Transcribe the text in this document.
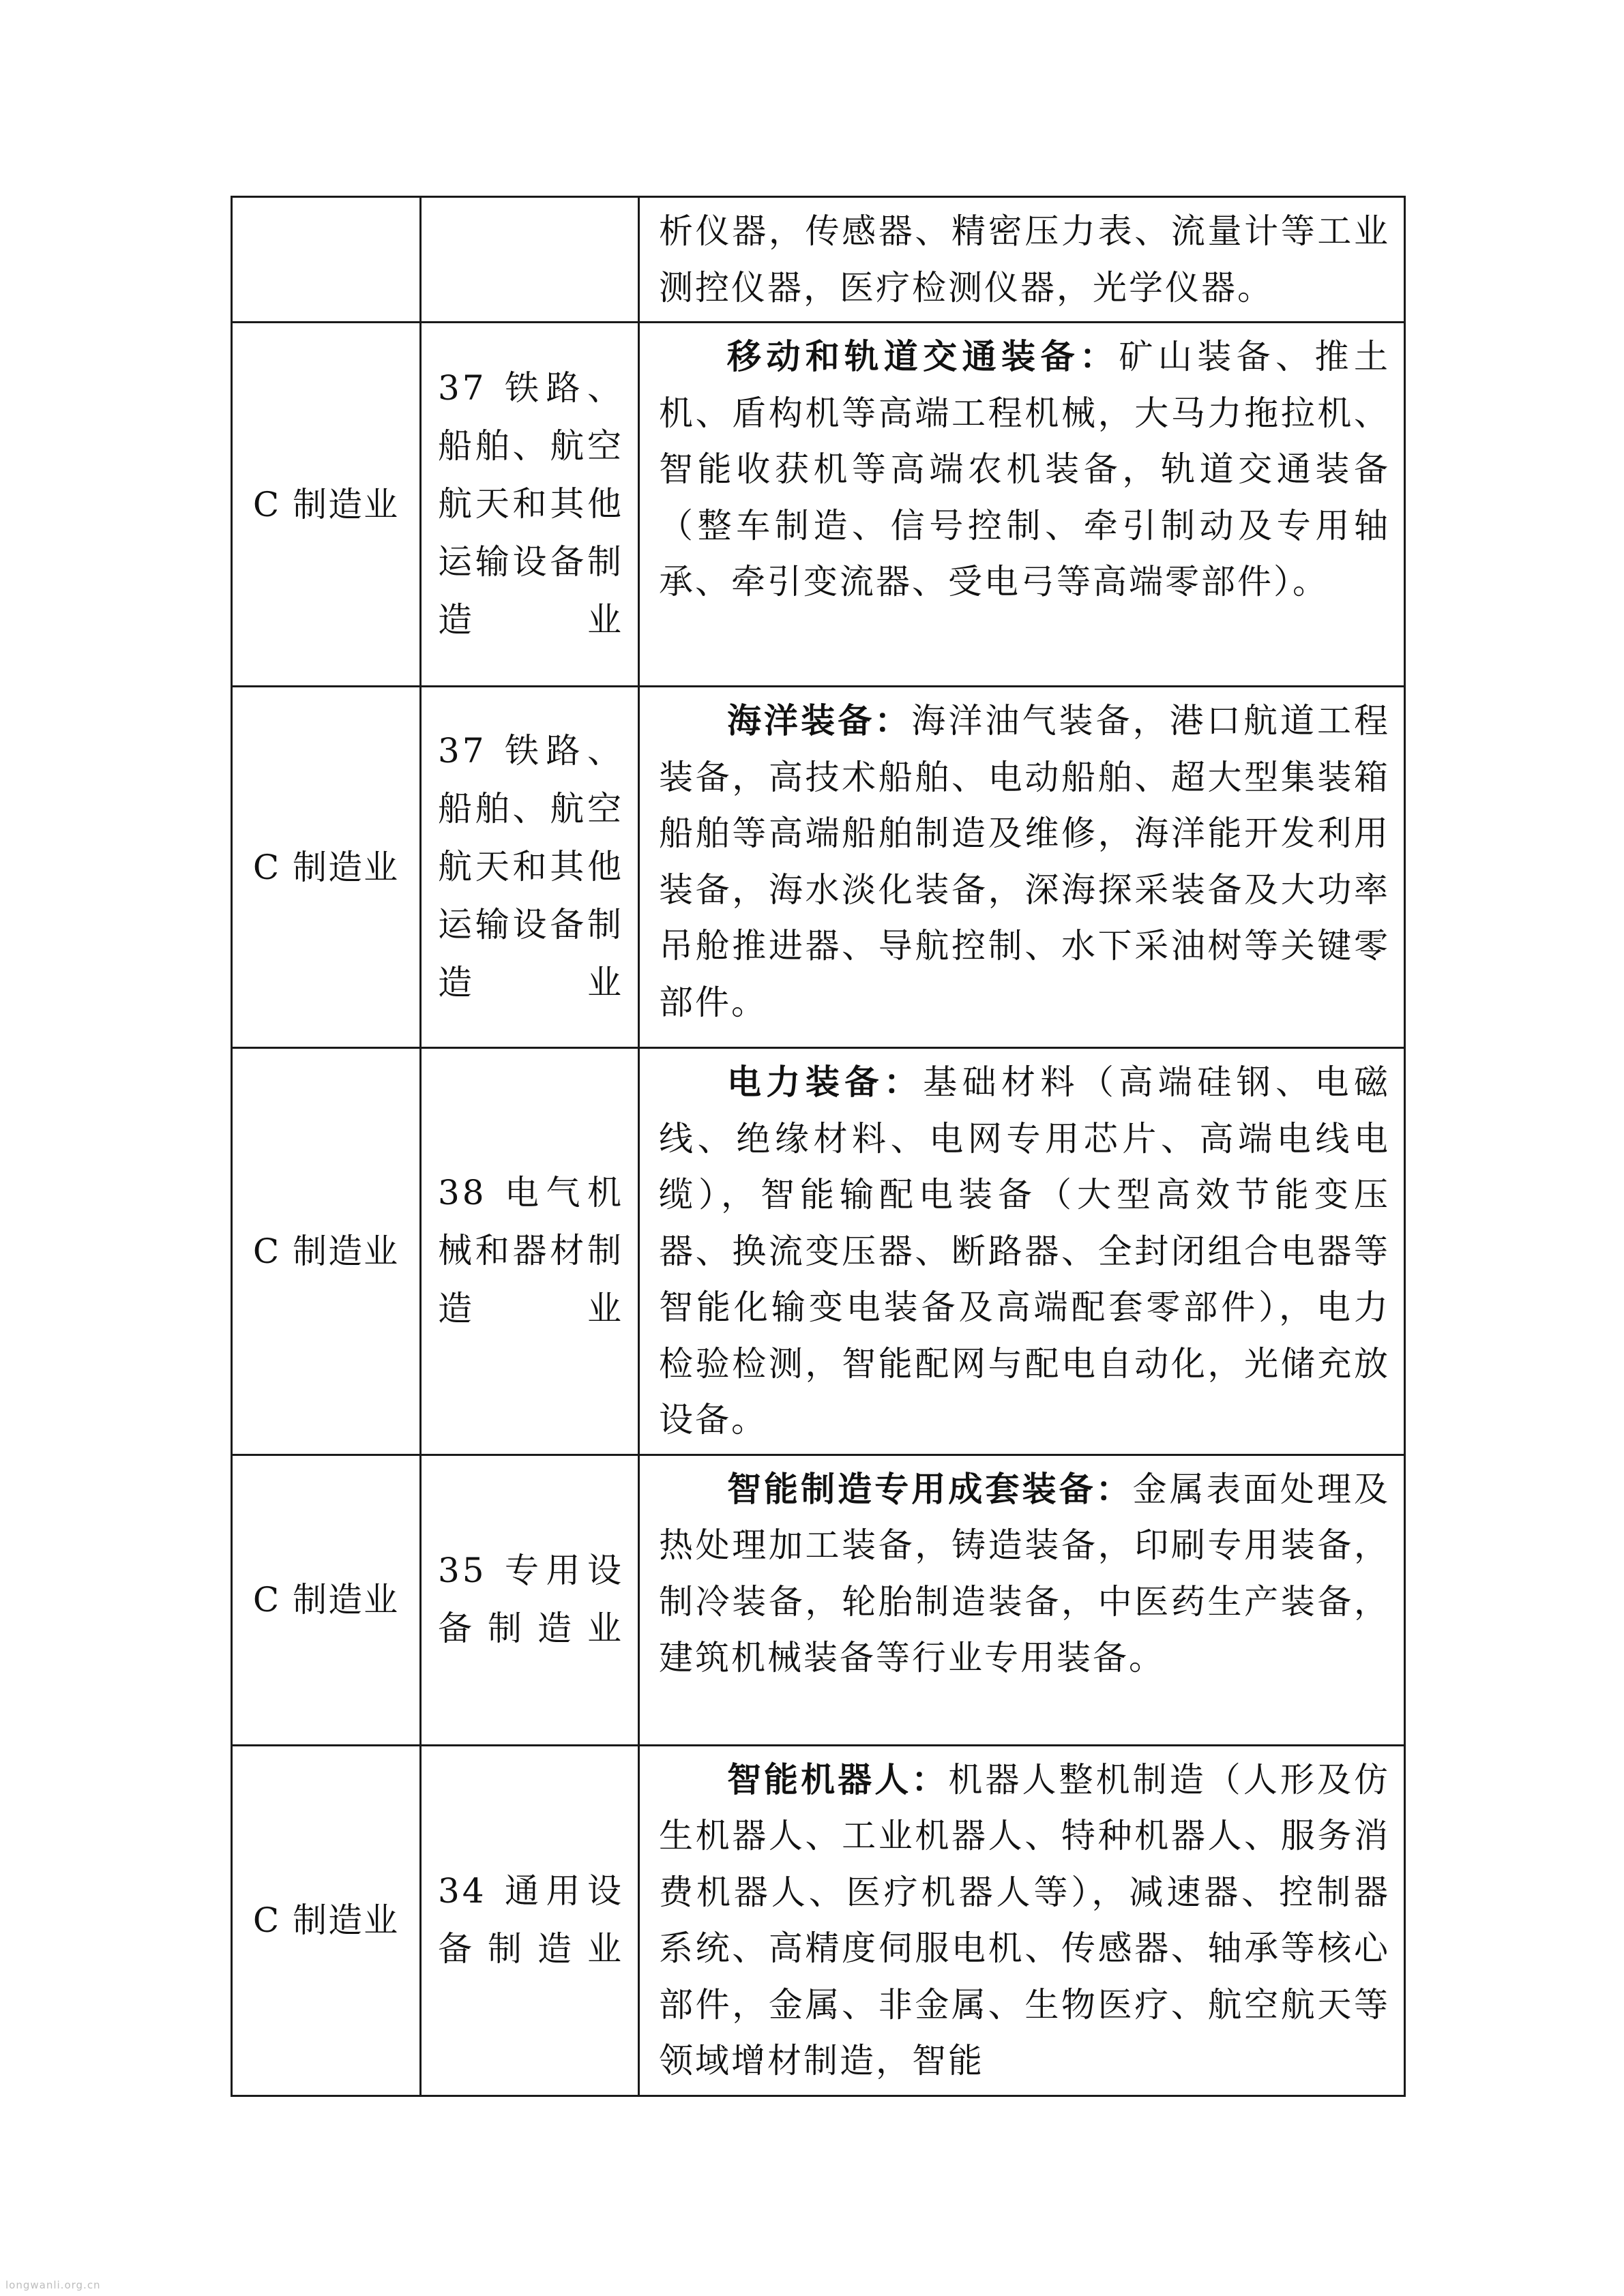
		析仪器，传感器、精密压力表、流量计等工业测控仪器，医疗检测仪器，光学仪器。

C 制造业	37 铁路、船舶、航空航天和其他运输设备制造业	移动和轨道交通装备：矿山装备、推土机、盾构机等高端工程机械，大马力拖拉机、智能收获机等高端农机装备，轨道交通装备（整车制造、信号控制、牵引制动及专用轴承、牵引变流器、受电弓等高端零部件）。

C 制造业	37 铁路、船舶、航空航天和其他运输设备制造业	海洋装备：海洋油气装备，港口航道工程装备，高技术船舶、电动船舶、超大型集装箱船舶等高端船舶制造及维修，海洋能开发利用装备，海水淡化装备，深海探采装备及大功率吊舱推进器、导航控制、水下采油树等关键零部件。

C 制造业	38 电气机械和器材制造业	电力装备：基础材料（高端硅钢、电磁线、绝缘材料、电网专用芯片、高端电线电缆），智能输配电装备（大型高效节能变压器、换流变压器、断路器、全封闭组合电器等智能化输变电装备及高端配套零部件），电力检验检测，智能配网与配电自动化，光储充放设备。

C 制造业	35 专用设备制造业	智能制造专用成套装备：金属表面处理及热处理加工装备，铸造装备，印刷专用装备，制冷装备，轮胎制造装备，中医药生产装备，建筑机械装备等行业专用装备。

C 制造业	34 通用设备制造业	智能机器人：机器人整机制造（人形及仿生机器人、工业机器人、特种机器人、服务消费机器人、医疗机器人等），减速器、控制器系统、高精度伺服电机、传感器、轴承等核心部件，金属、非金属、生物医疗、航空航天等领域增材制造，智能
longwanli.org.cn
